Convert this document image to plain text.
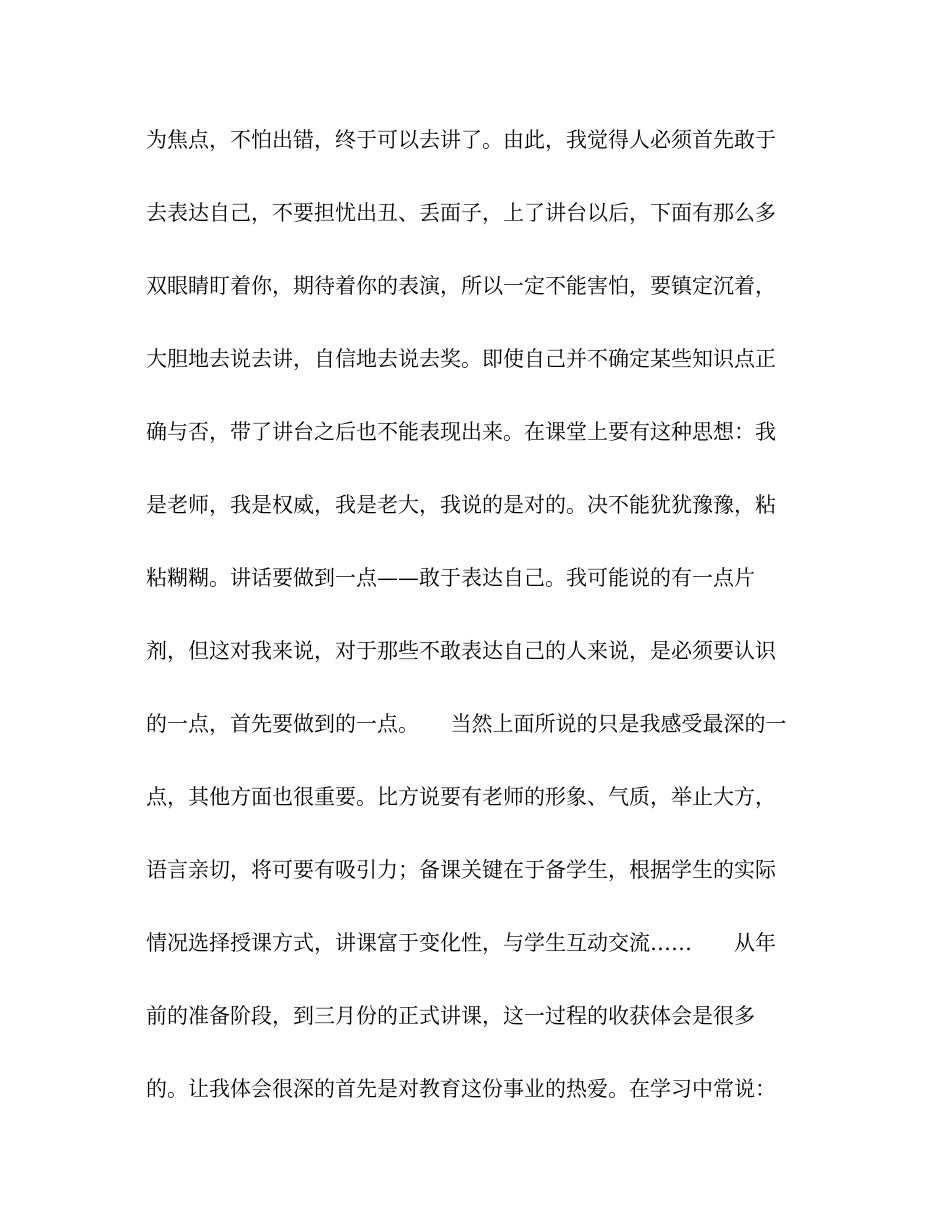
为焦点，不怕出错，终于可以去讲了。由此，我觉得人必须首先敢于
去表达自己，不要担忧出丑、丢面子，上了讲台以后，下面有那么多
双眼睛盯着你，期待着你的表演，所以一定不能害怕，要镇定沉着，
大胆地去说去讲，自信地去说去奖。即使自己并不确定某些知识点正
确与否，带了讲台之后也不能表现出来。在课堂上要有这种思想：我
是老师，我是权威，我是老大，我说的是对的。决不能犹犹豫豫，粘
粘糊糊。讲话要做到一点——敢于表达自己。我可能说的有一点片
剂，但这对我来说，对于那些不敢表达自己的人来说，是必须要认识
的一点，首先要做到的一点。　　当然上面所说的只是我感受最深的一
点，其他方面也很重要。比方说要有老师的形象、气质，举止大方，
语言亲切，将可要有吸引力；备课关键在于备学生，根据学生的实际
情况选择授课方式，讲课富于变化性，与学生互动交流……　　从年
前的准备阶段，到三月份的正式讲课，这一过程的收获体会是很多
的。让我体会很深的首先是对教育这份事业的热爱。在学习中常说：
